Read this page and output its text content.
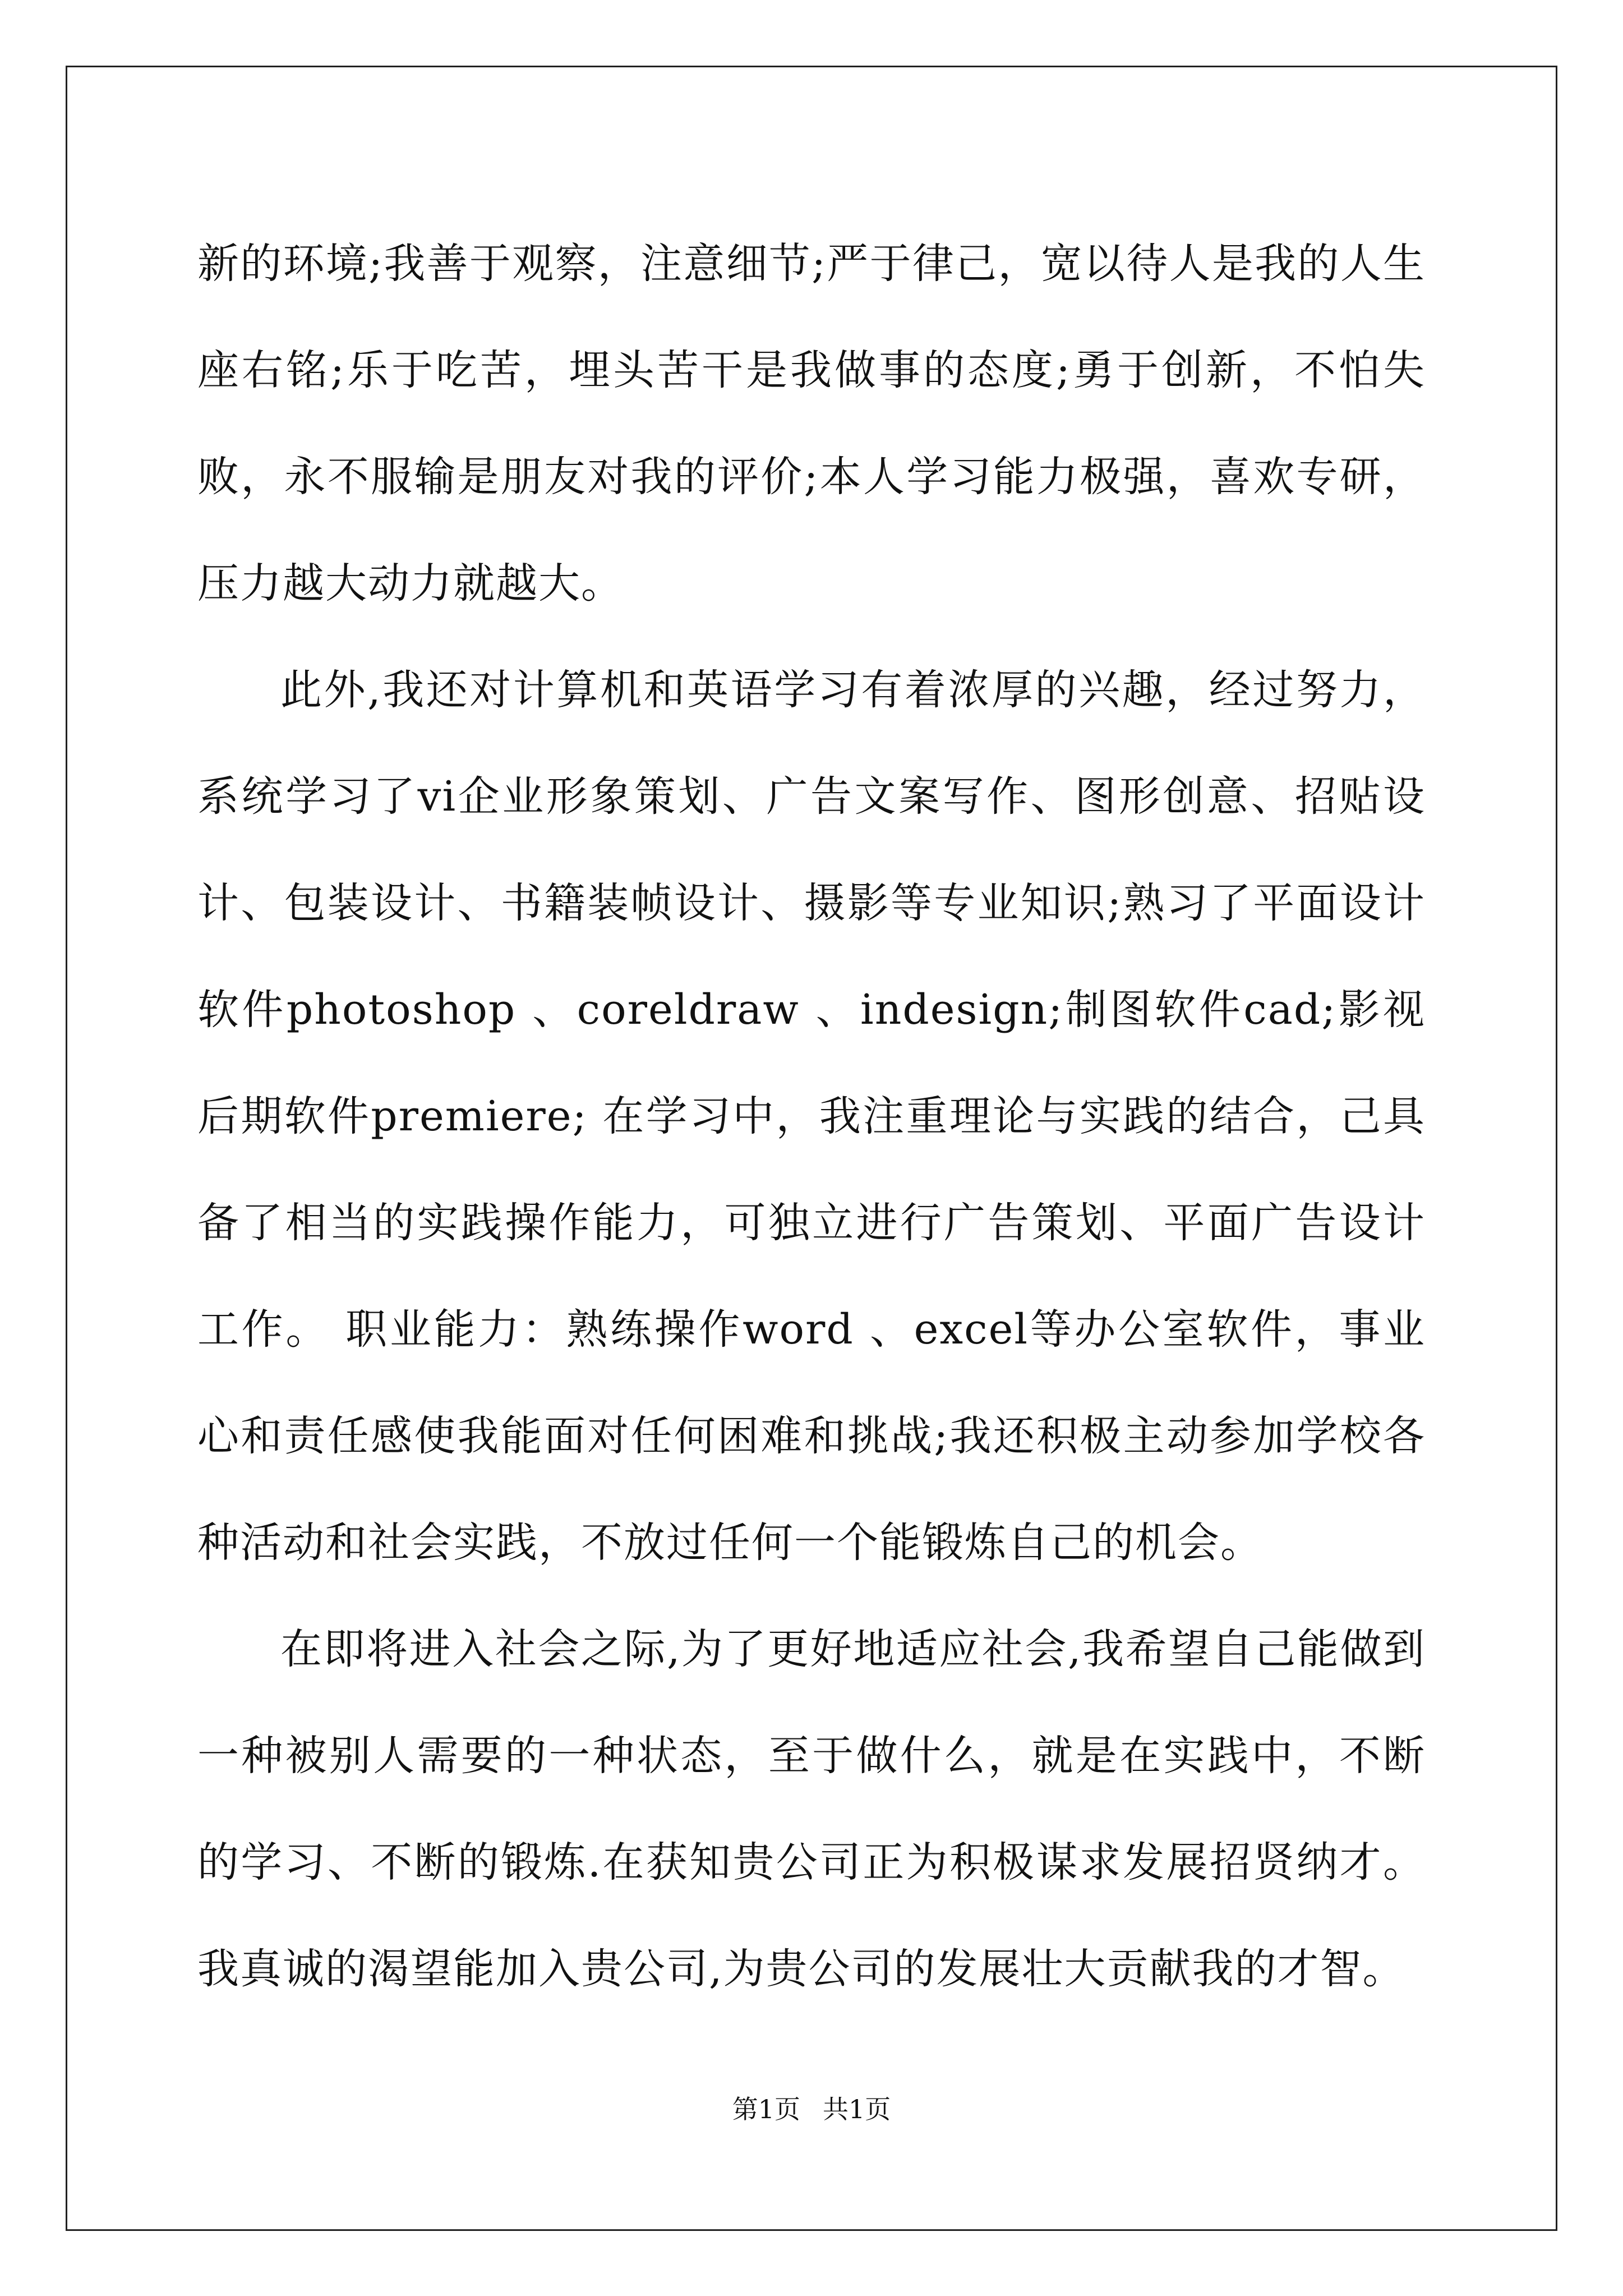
新的环境;我善于观察，注意细节;严于律己，宽以待人是我的人生座右铭;乐于吃苦，埋头苦干是我做事的态度;勇于创新，不怕失败，永不服输是朋友对我的评价;本人学习能力极强，喜欢专研，压力越大动力就越大。

此外,我还对计算机和英语学习有着浓厚的兴趣，经过努力，系统学习了vi企业形象策划、广告文案写作、图形创意、招贴设计、包装设计、书籍装帧设计、摄影等专业知识;熟习了平面设计软件photoshop 、coreldraw 、indesign;制图软件cad;影视后期软件premiere; 在学习中，我注重理论与实践的结合，己具备了相当的实践操作能力，可独立进行广告策划、平面广告设计工作。 职业能力：熟练操作word 、excel等办公室软件，事业心和责任感使我能面对任何困难和挑战;我还积极主动参加学校各种活动和社会实践，不放过任何一个能锻炼自己的机会。

在即将进入社会之际,为了更好地适应社会,我希望自己能做到一种被别人需要的一种状态，至于做什么，就是在实践中，不断的学习、不断的锻炼.在获知贵公司正为积极谋求发展招贤纳才。我真诚的渴望能加入贵公司,为贵公司的发展壮大贡献我的才智。

第1页 共1页
